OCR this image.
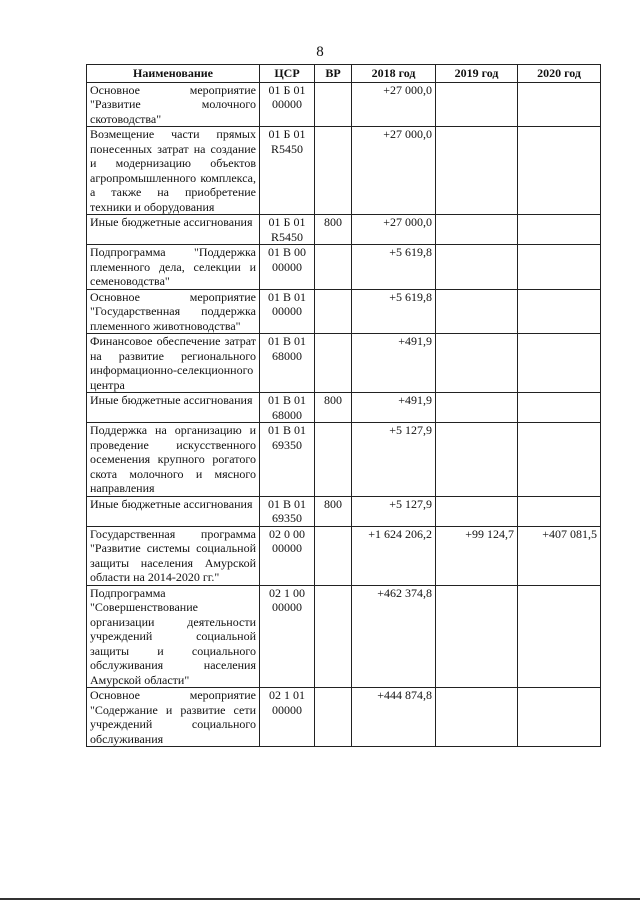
8
Наименование	ЦСР	ВР	2018 год	2019 год	2020 год
Основное мероприятие "Развитие молочного скотоводства"	01 Б 01 00000		+27 000,0		
Возмещение части прямых понесенных затрат на создание и модернизацию объектов агропромышленного комплекса, а также на приобретение техники и оборудования	01 Б 01 R5450		+27 000,0		
Иные бюджетные ассигнования	01 Б 01 R5450	800	+27 000,0		
Подпрограмма "Поддержка племенного дела, селекции и семеноводства"	01 В 00 00000		+5 619,8		
Основное мероприятие "Государственная поддержка племенного животноводства"	01 В 01 00000		+5 619,8		
Финансовое обеспечение затрат на развитие регионального информационно-селекционного центра	01 В 01 68000		+491,9		
Иные бюджетные ассигнования	01 В 01 68000	800	+491,9		
Поддержка на организацию и проведение искусственного осеменения крупного рогатого скота молочного и мясного направления	01 В 01 69350		+5 127,9		
Иные бюджетные ассигнования	01 В 01 69350	800	+5 127,9		
Государственная программа "Развитие системы социальной защиты населения Амурской области на 2014-2020 гг."	02 0 00 00000		+1 624 206,2	+99 124,7	+407 081,5
Подпрограмма "Совершенствование организации деятельности учреждений социальной защиты и социального обслуживания населения Амурской области"	02 1 00 00000		+462 374,8		
Основное мероприятие "Содержание и развитие сети учреждений социального обслуживания	02 1 01 00000		+444 874,8		
